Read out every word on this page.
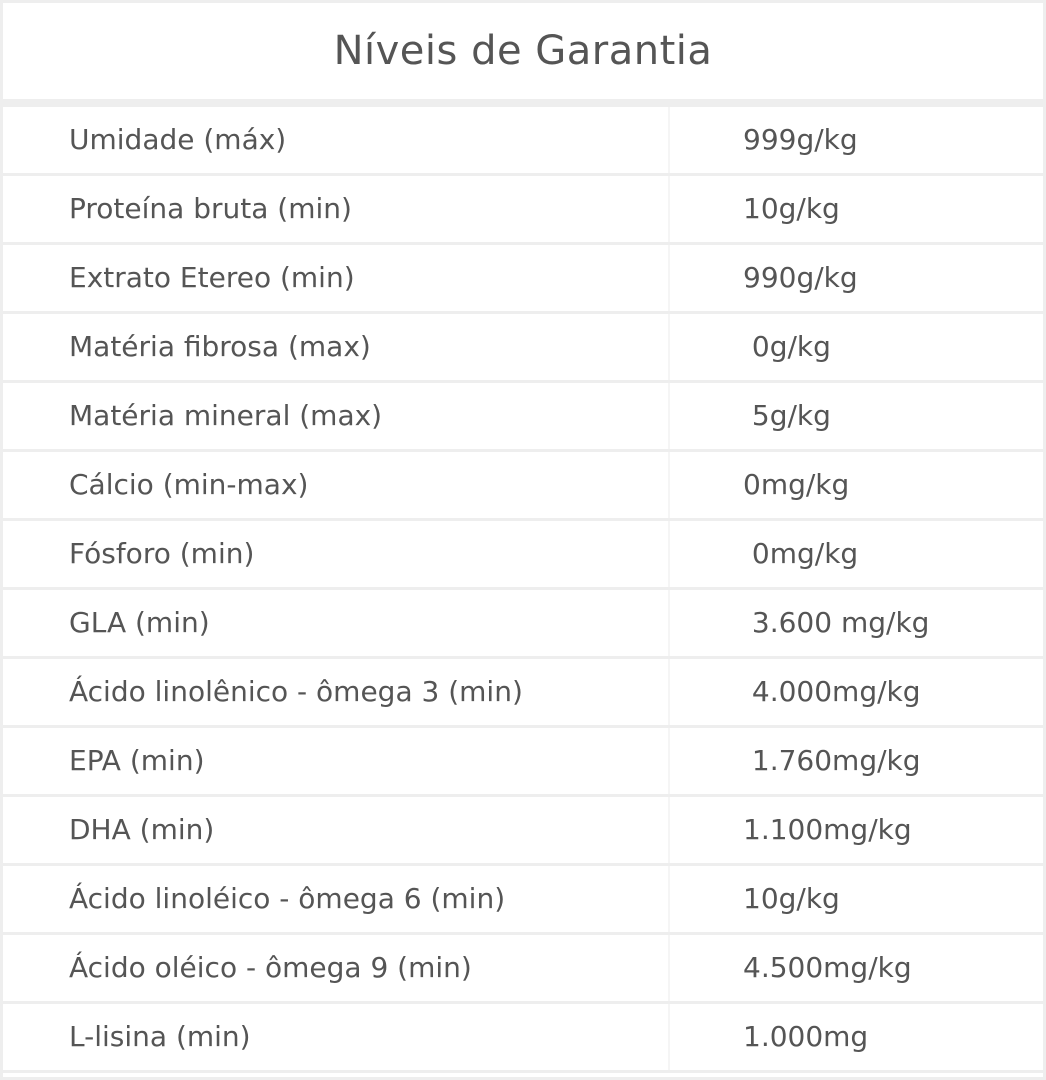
Níveis de Garantia
Umidade (máx)	999g/kg
Proteína bruta (min)	10g/kg
Extrato Etereo (min)	990g/kg
Matéria fibrosa (max)	0g/kg
Matéria mineral (max)	5g/kg
Cálcio (min-max)	0mg/kg
Fósforo (min)	0mg/kg
GLA (min)	3.600 mg/kg
Ácido linolênico - ômega 3 (min)	4.000mg/kg
EPA (min)	1.760mg/kg
DHA (min)	1.100mg/kg
Ácido linoléico - ômega 6 (min)	10g/kg
Ácido oléico - ômega 9 (min)	4.500mg/kg
L-lisina (min)	1.000mg
